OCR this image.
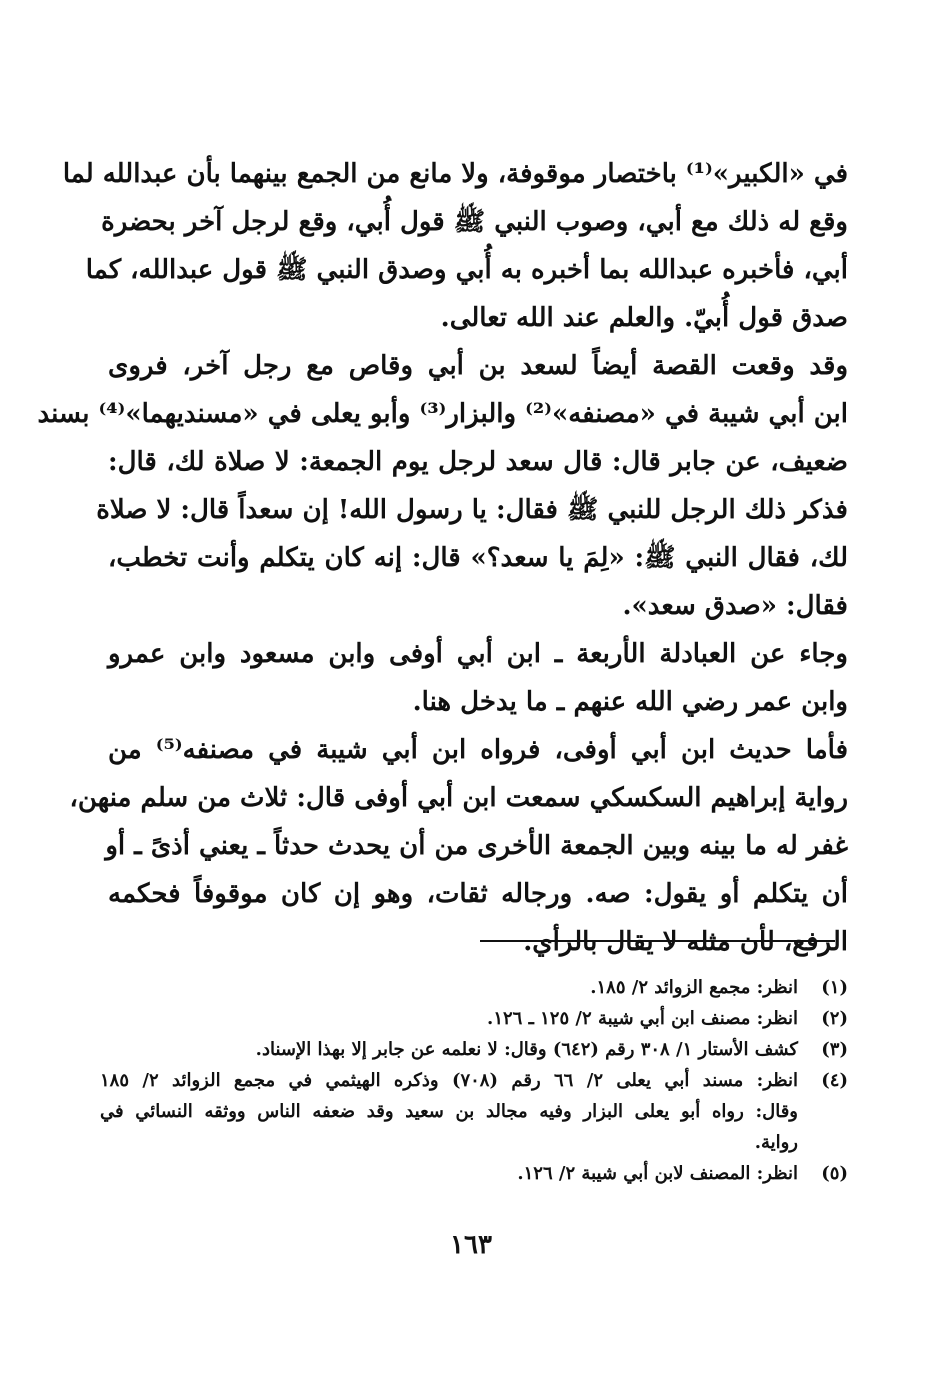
في «الكبير»⁽¹⁾ باختصار موقوفة، ولا مانع من الجمع بينهما بأن عبدالله لما
وقع له ذلك مع أبي، وصوب النبي ﷺ قول أُبي، وقع لرجل آخر بحضرة
أبي، فأخبره عبدالله بما أخبره به أُبي وصدق النبي ﷺ قول عبدالله، كما
صدق قول أُبيّ. والعلم عند الله تعالى.
وقد وقعت القصة أيضاً لسعد بن أبي وقاص مع رجل آخر، فروى
ابن أبي شيبة في «مصنفه»⁽²⁾ والبزار⁽³⁾ وأبو يعلى في «مسنديهما»⁽⁴⁾ بسند
ضعيف، عن جابر قال: قال سعد لرجل يوم الجمعة: لا صلاة لك، قال:
فذكر ذلك الرجل للنبي ﷺ فقال: يا رسول الله! إن سعداً قال: لا صلاة
لك، فقال النبي ﷺ: «لِمَ يا سعد؟» قال: إنه كان يتكلم وأنت تخطب،
فقال: «صدق سعد».
وجاء عن العبادلة الأربعة ـ ابن أبي أوفى وابن مسعود وابن عمرو
وابن عمر رضي الله عنهم ـ ما يدخل هنا.
فأما حديث ابن أبي أوفى، فرواه ابن أبي شيبة في مصنفه⁽⁵⁾ من
رواية إبراهيم السكسكي سمعت ابن أبي أوفى قال: ثلاث من سلم منهن،
غفر له ما بينه وبين الجمعة الأخرى من أن يحدث حدثاً ـ يعني أذىً ـ أو
أن يتكلم أو يقول: صه. ورجاله ثقات، وهو إن كان موقوفاً فحكمه
الرفع، لأن مثله لا يقال بالرأي.
(١)
انظر: مجمع الزوائد ٢/ ١٨٥.
(٢)
انظر: مصنف ابن أبي شيبة ٢/ ١٢٥ ـ ١٢٦.
(٣)
كشف الأستار ١/ ٣٠٨ رقم (٦٤٢) وقال: لا نعلمه عن جابر إلا بهذا الإسناد.
(٤)
انظر: مسند أبي يعلى ٢/ ٦٦ رقم (٧٠٨) وذكره الهيثمي في مجمع الزوائد ٢/ ١٨٥
وقال: رواه أبو يعلى البزار وفيه مجالد بن سعيد وقد ضعفه الناس ووثقه النسائي في
رواية.
(٥)
انظر: المصنف لابن أبي شيبة ٢/ ١٢٦.
١٦٣
